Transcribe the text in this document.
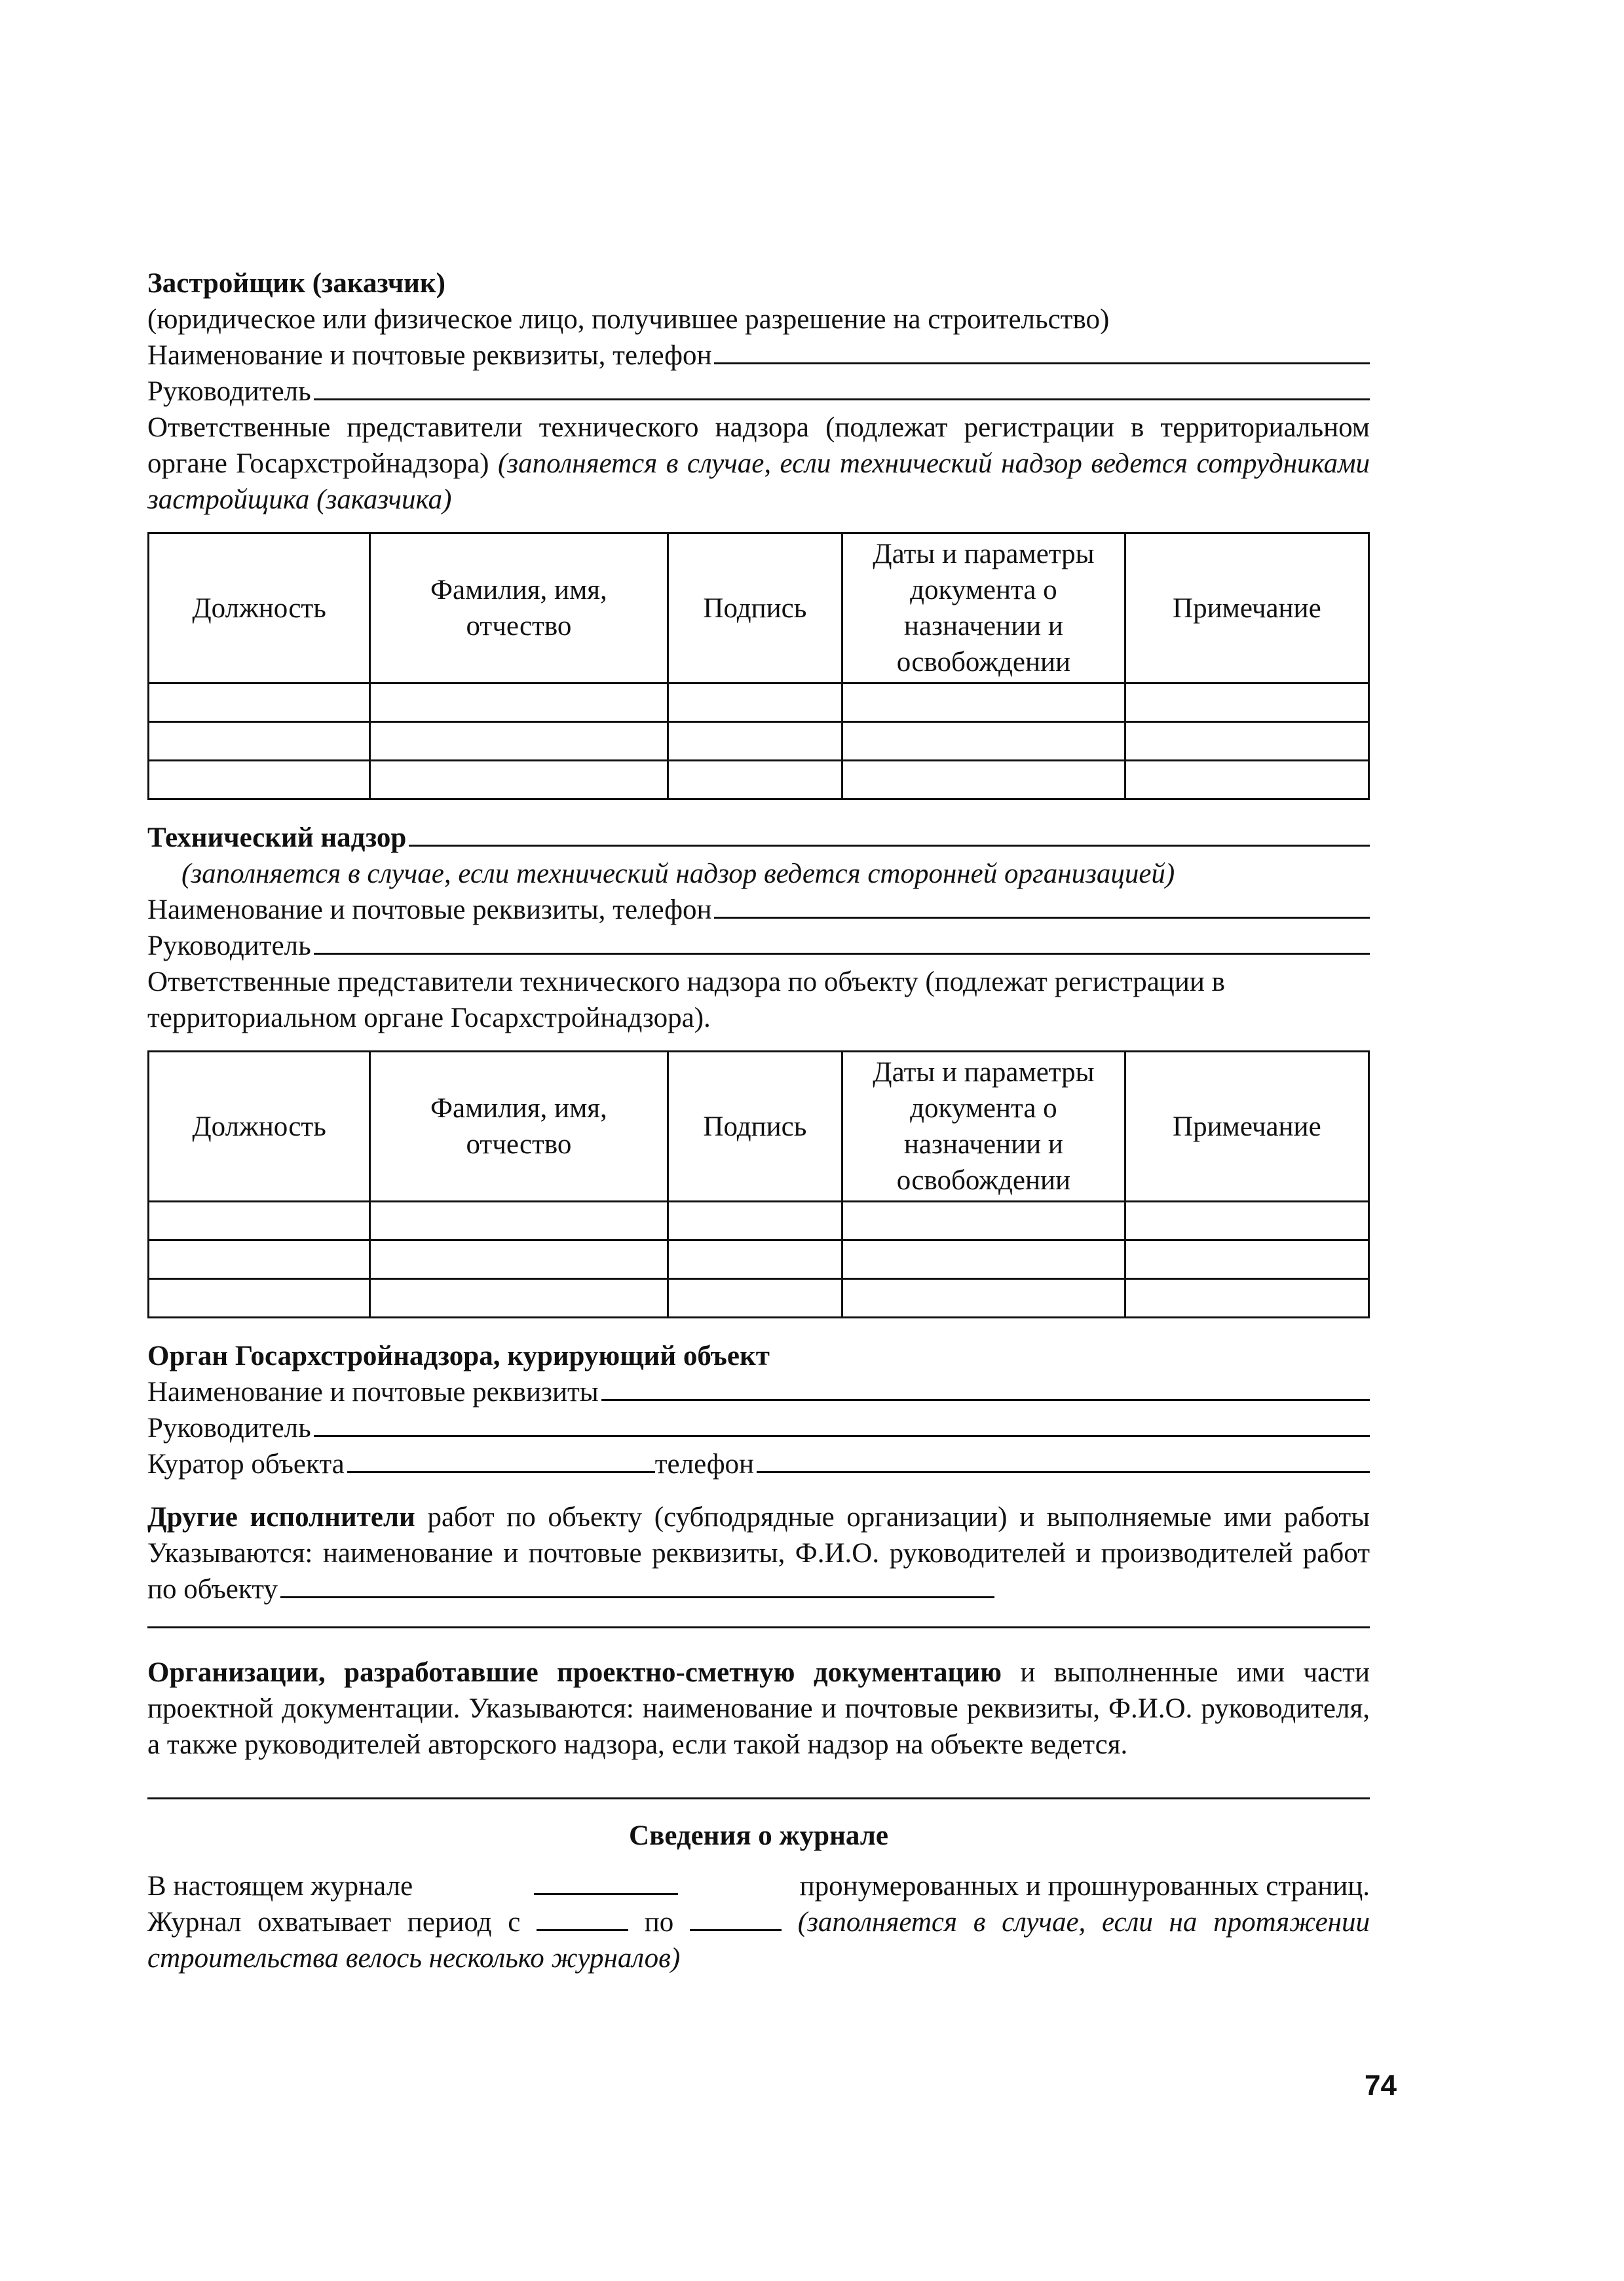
Застройщик (заказчик)
(юридическое или физическое лицо, получившее разрешение на строительство)
Наименование и почтовые реквизиты, телефон
Руководитель
Ответственные представители технического надзора (подлежат регистрации в территориальном органе Госархстройнадзора) (заполняется в случае, если технический надзор ведется сотрудниками застройщика (заказчика)
Должность	Фамилия, имя, отчество	Подпись	Даты и параметры документа о назначении и освобождении	Примечание

Технический надзор
(заполняется в случае, если технический надзор ведется сторонней организацией)
Наименование и почтовые реквизиты, телефон
Руководитель
Ответственные представители технического надзора по объекту (подлежат регистрации в территориальном органе Госархстройнадзора).
Должность	Фамилия, имя, отчество	Подпись	Даты и параметры документа о назначении и освобождении	Примечание

Орган Госархстройнадзора, курирующий объект
Наименование и почтовые реквизиты
Руководитель
Куратор объекта	телефон
Другие исполнители работ по объекту (субподрядные организации) и выполняемые ими работы Указываются: наименование и почтовые реквизиты, Ф.И.О. руководителей и производителей работ по объекту
Организации, разработавшие проектно-сметную документацию и выполненные ими части проектной документации. Указываются: наименование и почтовые реквизиты, Ф.И.О. руководителя, а также руководителей авторского надзора, если такой надзор на объекте ведется.
Сведения о журнале
В настоящем журнале	пронумерованных и прошнурованных страниц.
Журнал охватывает период с	по	(заполняется в случае, если на протяжении строительства велось несколько журналов)
74
